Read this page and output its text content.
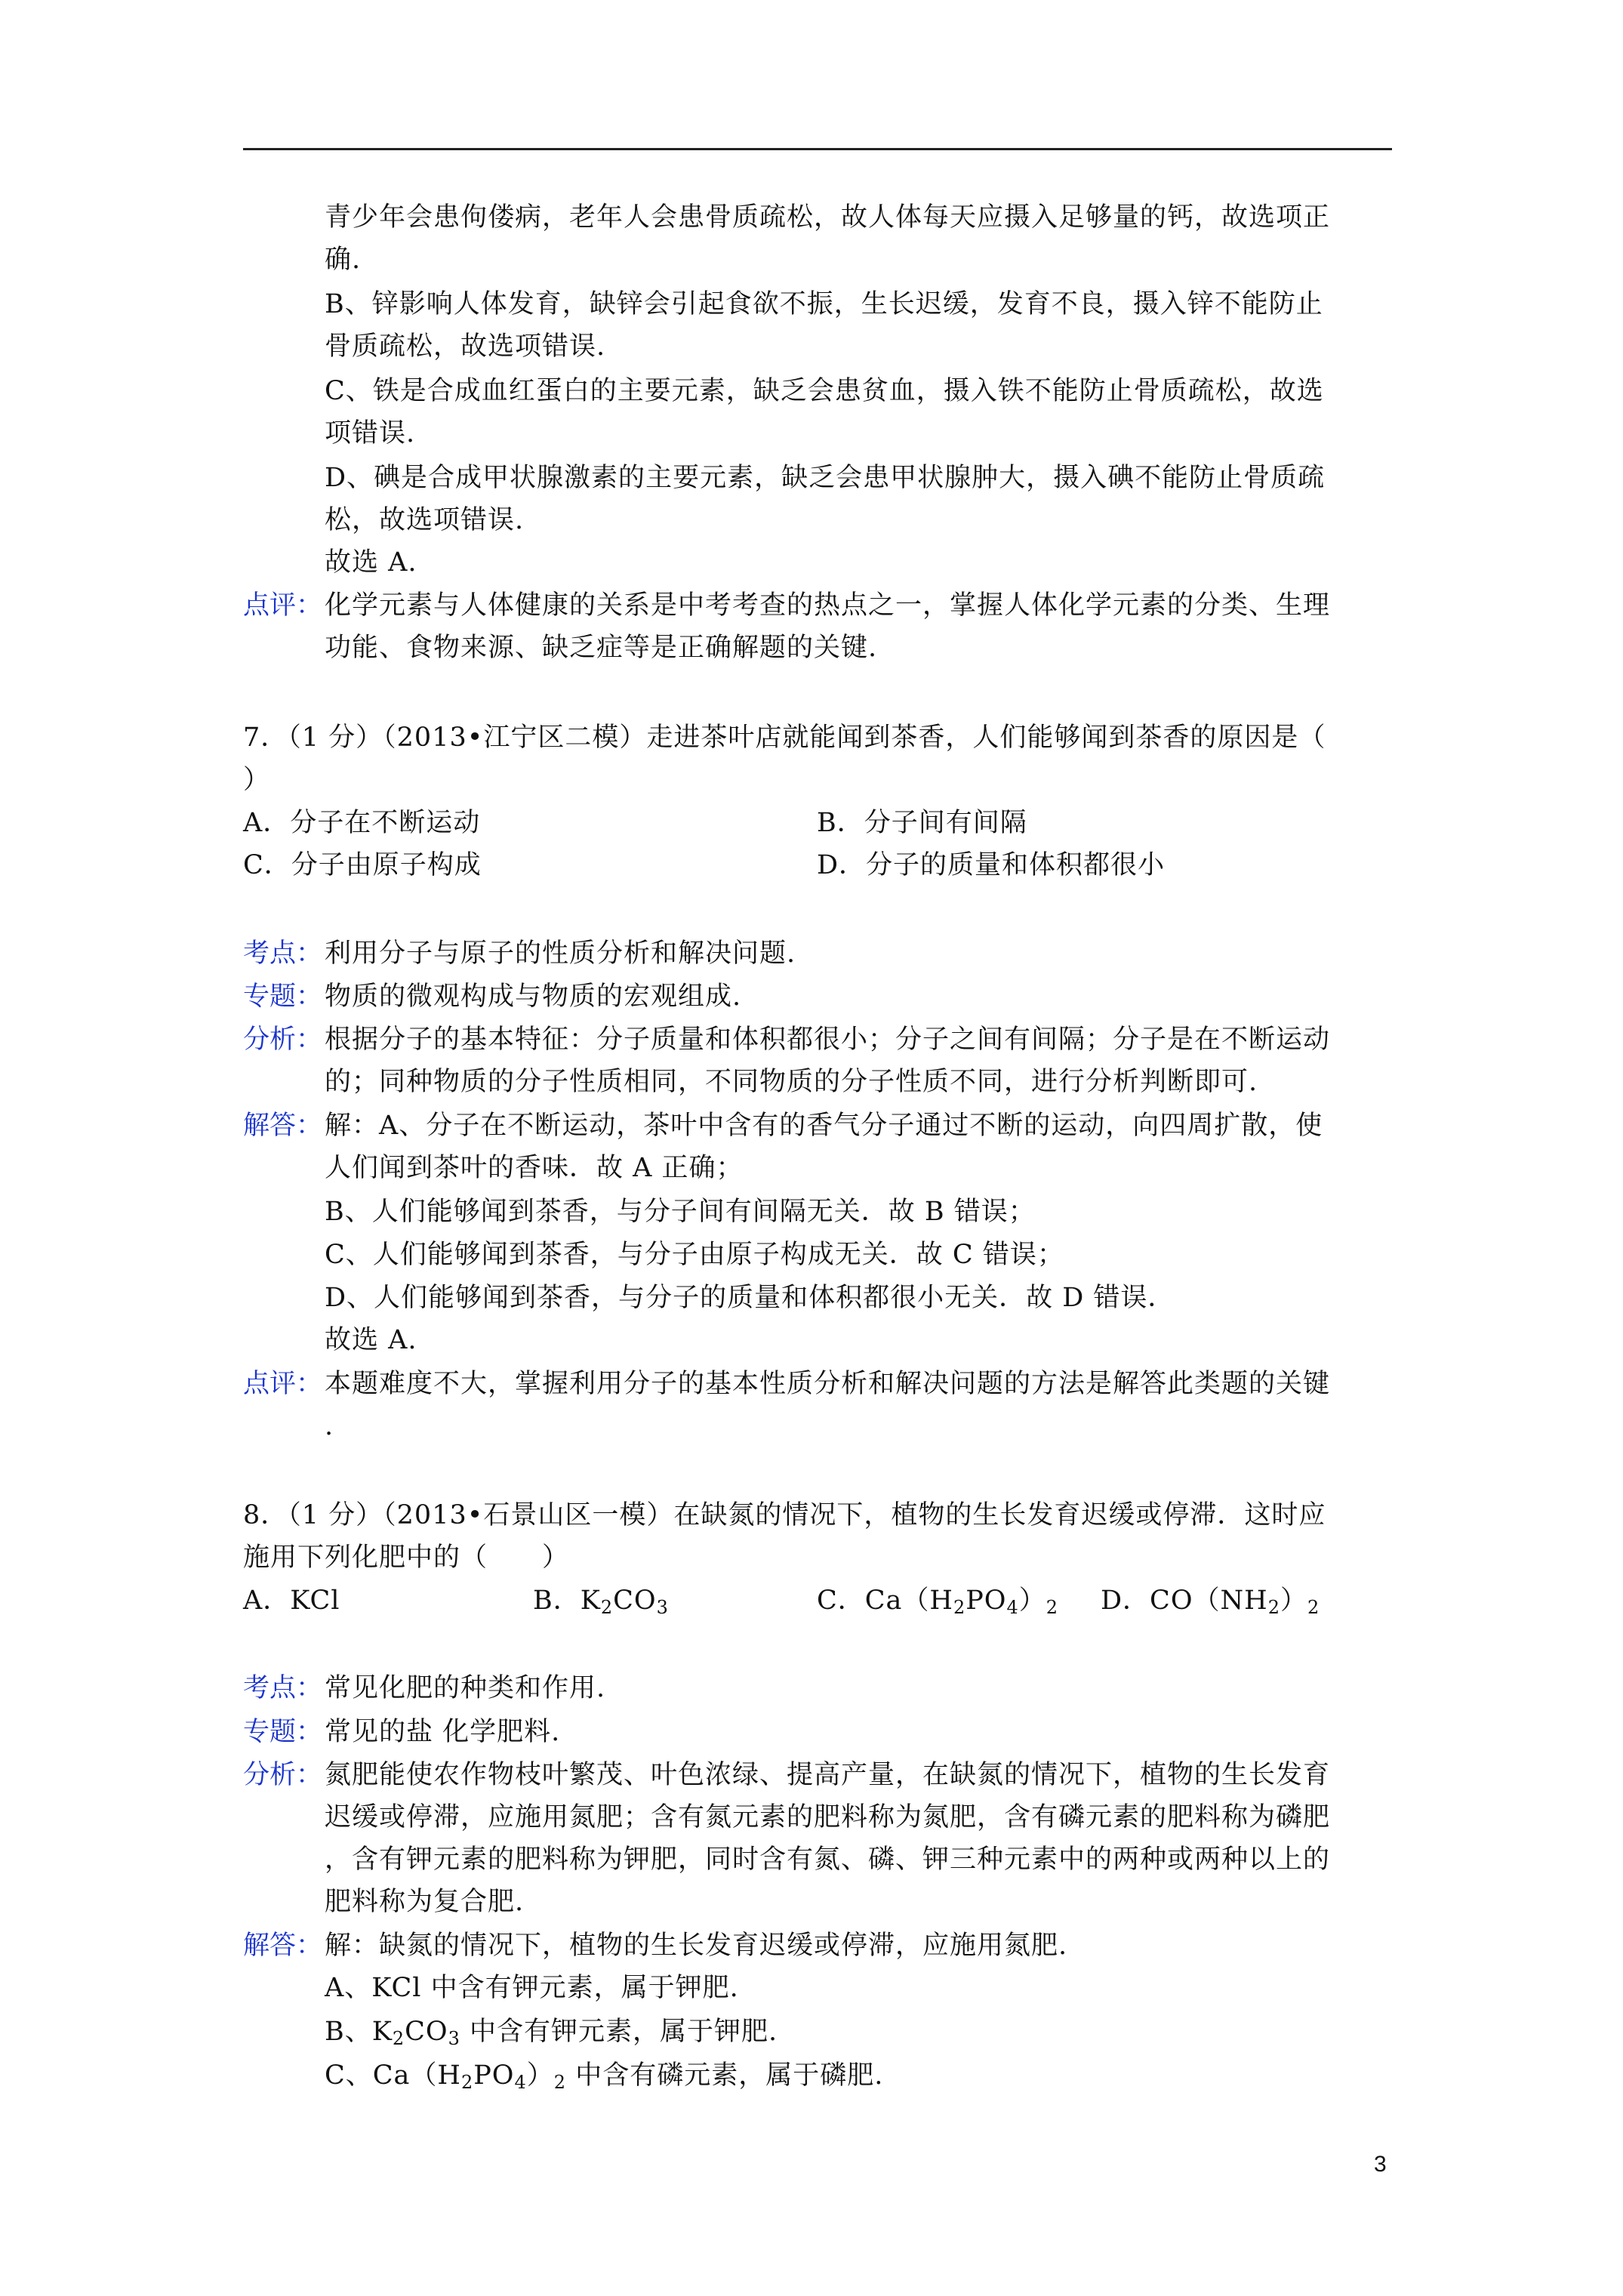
青少年会患佝偻病，老年人会患骨质疏松，故人体每天应摄入足够量的钙，故选项正
确.
B、锌影响人体发育，缺锌会引起食欲不振，生长迟缓，发育不良，摄入锌不能防止
骨质疏松，故选项错误.
C、铁是合成血红蛋白的主要元素，缺乏会患贫血，摄入铁不能防止骨质疏松，故选
项错误.
D、碘是合成甲状腺激素的主要元素，缺乏会患甲状腺肿大，摄入碘不能防止骨质疏
松，故选项错误.
故选 A.
点评： 化学元素与人体健康的关系是中考考查的热点之一，掌握人体化学元素的分类、生理
功能、食物来源、缺乏症等是正确解题的关键.
7．（1 分）（2013•江宁区二模）走进茶叶店就能闻到茶香，人们能够闻到茶香的原因是（
）
A．分子在不断运动	B．分子间有间隔
C．分子由原子构成	D．分子的质量和体积都很小
考点： 利用分子与原子的性质分析和解决问题.
专题： 物质的微观构成与物质的宏观组成.
分析： 根据分子的基本特征：分子质量和体积都很小；分子之间有间隔；分子是在不断运动
的；同种物质的分子性质相同，不同物质的分子性质不同，进行分析判断即可.
解答： 解：A、分子在不断运动，茶叶中含有的香气分子通过不断的运动，向四周扩散，使
人们闻到茶叶的香味．故 A 正确；
B、人们能够闻到茶香，与分子间有间隔无关．故 B 错误；
C、人们能够闻到茶香，与分子由原子构成无关．故 C 错误；
D、人们能够闻到茶香，与分子的质量和体积都很小无关．故 D 错误．
故选 A.
点评： 本题难度不大，掌握利用分子的基本性质分析和解决问题的方法是解答此类题的关键
.
8．（1 分）（2013•石景山区一模）在缺氮的情况下，植物的生长发育迟缓或停滞．这时应
施用下列化肥中的（　　）
A．KCl	B．$K_2CO_3$	C．$Ca(H_2PO_4)_2$ D．$CO(NH_2)_2$
考点： 常见化肥的种类和作用.
专题： 常见的盐 化学肥料.
分析： 氮肥能使农作物枝叶繁茂、叶色浓绿、提高产量，在缺氮的情况下，植物的生长发育
迟缓或停滞，应施用氮肥；含有氮元素的肥料称为氮肥，含有磷元素的肥料称为磷肥
，含有钾元素的肥料称为钾肥，同时含有氮、磷、钾三种元素中的两种或两种以上的
肥料称为复合肥.
解答： 解：缺氮的情况下，植物的生长发育迟缓或停滞，应施用氮肥.
A、KCl 中含有钾元素，属于钾肥.
B、$K_2CO_3$ 中含有钾元素，属于钾肥.
C、$Ca(H_2PO_4)_2$ 中含有磷元素，属于磷肥.
3
